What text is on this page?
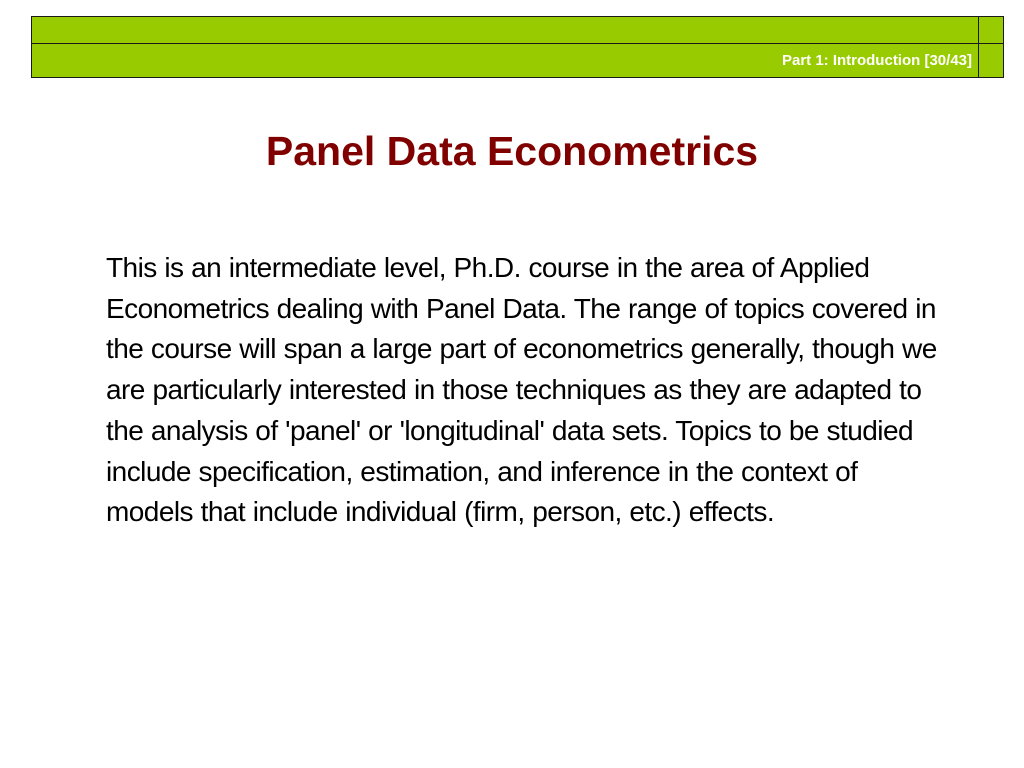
Part 1: Introduction [30/43]
Panel Data Econometrics

This is an intermediate level, Ph.D. course in the area of Applied Econometrics dealing with Panel Data. The range of topics covered in the course will span a large part of econometrics generally, though we are particularly interested in those techniques as they are adapted to the analysis of 'panel' or 'longitudinal' data sets. Topics to be studied include specification, estimation, and inference in the context of models that include individual (firm, person, etc.) effects.
